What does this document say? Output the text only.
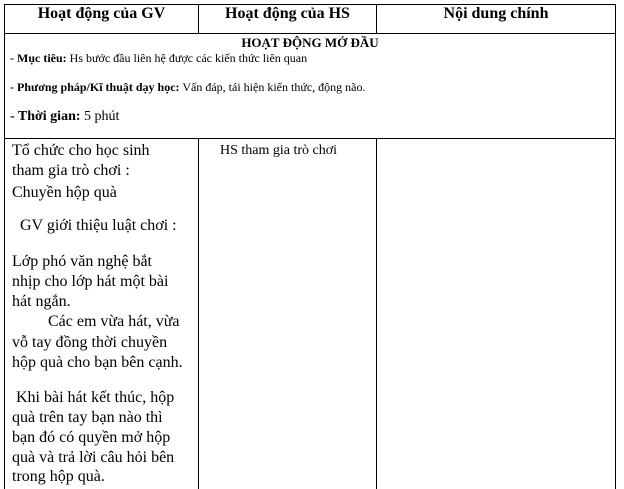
Hoạt động của GV	Hoạt động của HS	Nội dung chính
HOẠT ĐỘNG MỞ ĐẦU
- Mục tiêu: Hs bước đầu liên hệ được các kiến thức liên quan
- Phương pháp/Kĩ thuật dạy học: Vấn đáp, tái hiện kiến thức, động não.
- Thời gian: 5 phút
Tổ chức cho học sinh
tham gia trò chơi :
Chuyền hộp quà
GV giới thiệu luật chơi :
Lớp phó văn nghệ bắt
nhịp cho lớp hát một bài
hát ngắn.
Các em vừa hát, vừa
vỗ tay đồng thời chuyền
hộp quà cho bạn bên cạnh.
Khi bài hát kết thúc, hộp
quà trên tay bạn nào thì
bạn đó có quyền mở hộp
quà và trả lời câu hỏi bên
trong hộp quà.
HS tham gia trò chơi
